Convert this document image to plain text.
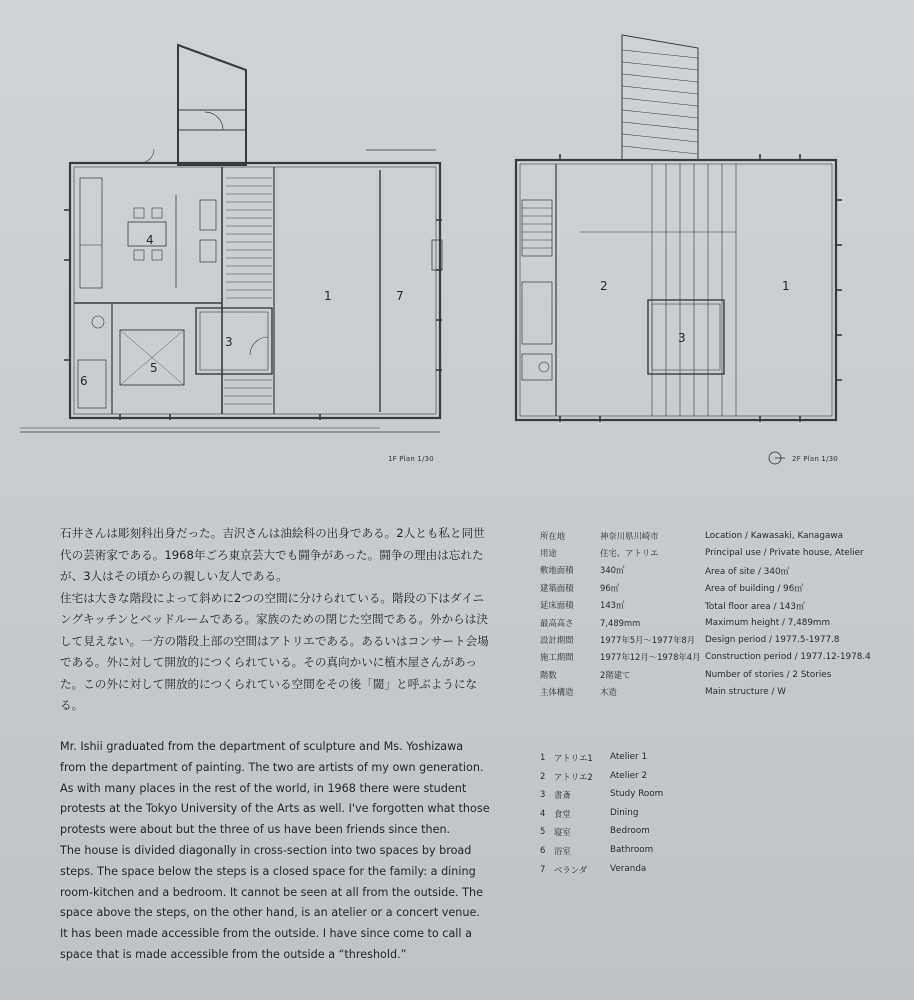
1	7
3
4
5
6
2	1
3
1F Plan 1/30	2F Plan 1/30

石井さんは彫刻科出身だった。吉沢さんは油絵科の出身である。2人とも私と同世代の芸術家である。1968年ごろ東京芸大でも闘争があった。闘争の理由は忘れたが、3人はその頃からの親しい友人である。

住宅は大きな階段によって斜めに2つの空間に分けられている。階段の下はダイニングキッチンとベッドルームである。家族のための閉じた空間である。外からは決して見えない。一方の階段上部の空間はアトリエである。あるいはコンサート会場である。外に対して開放的につくられている。その真向かいに植木屋さんがあった。この外に対して開放的につくられている空間をその後「閾」と呼ぶようになる。

Mr. Ishii graduated from the department of sculpture and Ms. Yoshizawa from the department of painting. The two are artists of my own generation. As with many places in the rest of the world, in 1968 there were student protests at the Tokyo University of the Arts as well. I've forgotten what those protests were about but the three of us have been friends since then.

The house is divided diagonally in cross-section into two spaces by broad steps. The space below the steps is a closed space for the family: a dining room-kitchen and a bedroom. It cannot be seen at all from the outside. The space above the steps, on the other hand, is an atelier or a concert venue. It has been made accessible from the outside. I have since come to call a space that is made accessible from the outside a “threshold.”

所在地	神奈川県川崎市	Location / Kawasaki, Kanagawa
用途	住宅、アトリエ	Principal use / Private house, Atelier
敷地面積	340㎡	Area of site / 340㎡
建築面積	96㎡	Area of building / 96㎡
延床面積	143㎡	Total floor area / 143㎡
最高高さ	7,489mm	Maximum height / 7,489mm
設計期間	1977年5月～1977年8月 Design period / 1977.5-1977.8
施工期間	1977年12月～1978年4月 Construction period / 1977.12-1978.4
階数	2階建て	Number of stories / 2 Stories
主体構造	木造	Main structure / W
1 アトリエ1 Atelier 1
2 アトリエ2 Atelier 2
3 書斎	Study Room
4 食堂	Dining
5 寝室	Bedroom
6 浴室	Bathroom
7 ベランダ	Veranda
